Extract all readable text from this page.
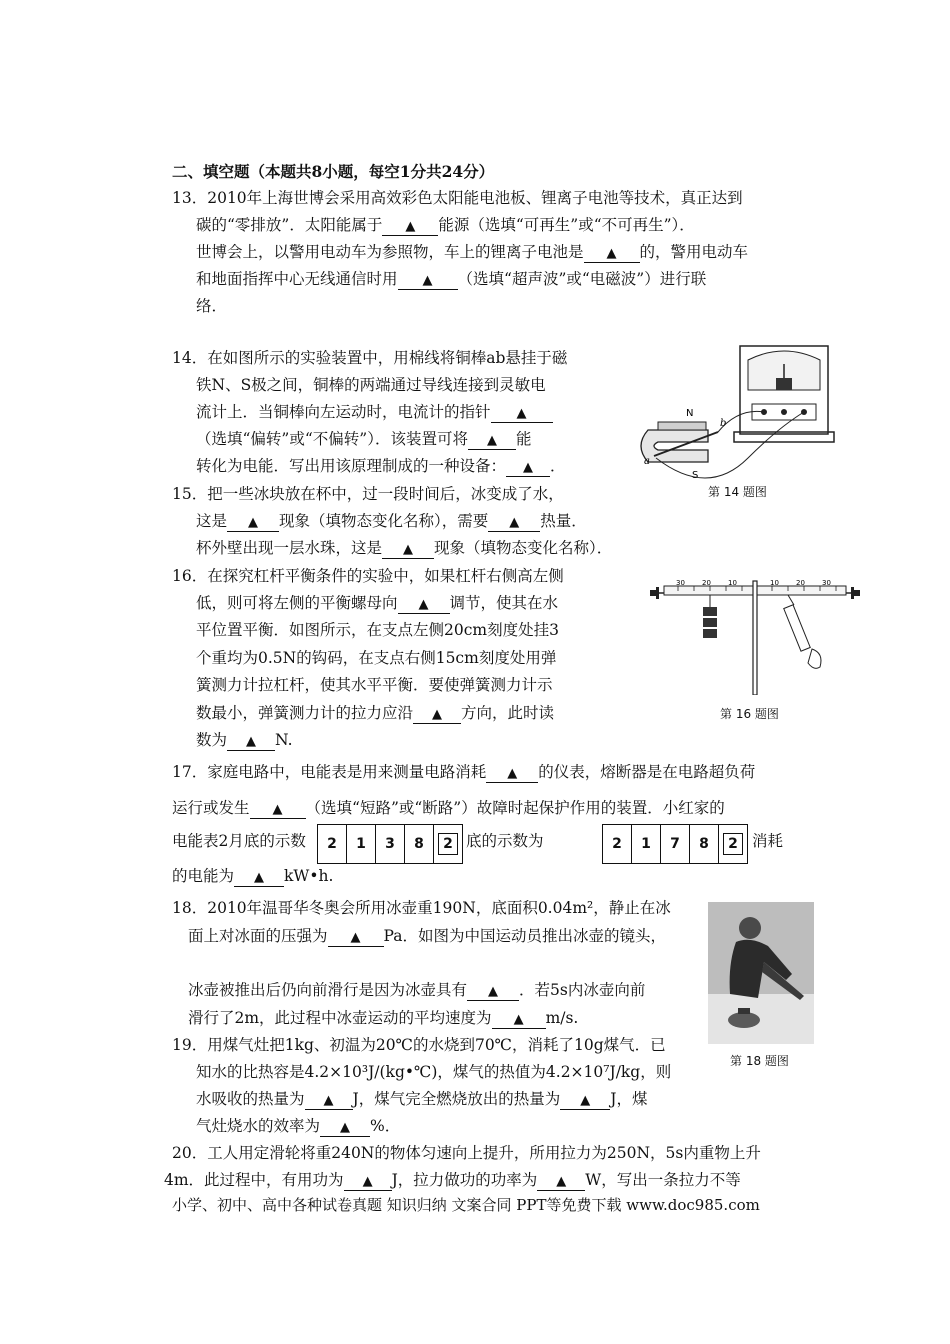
二、填空题（本题共8小题，每空1分共24分）
13．2010年上海世博会采用高效彩色太阳能电池板、锂离子电池等技术，真正达到
碳的“零排放”．太阳能属于 ▲ 能源（选填“可再生”或“不可再生”）．
世博会上，以警用电动车为参照物，车上的锂离子电池是 ▲ 的，警用电动车
和地面指挥中心无线通信时用 ▲ （选填“超声波”或“电磁波”）进行联
络．
14．在如图所示的实验装置中，用棉线将铜棒ab悬挂于磁
铁N、S极之间，铜棒的两端通过导线连接到灵敏电
流计上．当铜棒向左运动时，电流计的指针 ▲
（选填“偏转”或“不偏转”）．该装置可将 ▲ 能
转化为电能．写出用该原理制成的一种设备： ▲ ．
N
S
a
b
第 14 题图
15．把一些冰块放在杯中，过一段时间后，冰变成了水，
这是 ▲ 现象（填物态变化名称），需要 ▲ 热量．
杯外壁出现一层水珠，这是 ▲ 现象（填物态变化名称）．
16．在探究杠杆平衡条件的实验中，如果杠杆右侧高左侧
低，则可将左侧的平衡螺母向 ▲ 调节，使其在水
平位置平衡．如图所示，在支点左侧20cm刻度处挂3
个重均为0.5N的钩码，在支点右侧15cm刻度处用弹
簧测力计拉杠杆，使其水平平衡．要使弹簧测力计示
数最小，弹簧测力计的拉力应沿 ▲ 方向，此时读
数为 ▲ N.
30 20 10	10 20 30
第 16 题图
17．家庭电路中，电能表是用来测量电路消耗 ▲ 的仪表，熔断器是在电路超负荷
运行或发生 ▲ （选填“短路”或“断路”）故障时起保护作用的装置．小红家的
电能表2月底的示数	2	1	3	8	2 底的示数为	2	1	7	8	2 消耗
的电能为 ▲ kW•h.
18．2010年温哥华冬奥会所用冰壶重190N，底面积0.04m²，静止在冰
面上对冰面的压强为 ▲ Pa．如图为中国运动员推出冰壶的镜头，
冰壶被推出后仍向前滑行是因为冰壶具有 ▲ ．若5s内冰壶向前
滑行了2m，此过程中冰壶运动的平均速度为 ▲ m/s.
第 18 题图
19．用煤气灶把1kg、初温为20℃的水烧到70℃，消耗了10g煤气．已
知水的比热容是4.2×10³J/(kg•℃)，煤气的热值为4.2×10⁷J/kg，则
水吸收的热量为 ▲ J，煤气完全燃烧放出的热量为 ▲ J，煤
气灶烧水的效率为 ▲ %．
20．工人用定滑轮将重240N的物体匀速向上提升，所用拉力为250N，5s内重物上升
4m．此过程中，有用功为 ▲ J，拉力做功的功率为 ▲ W，写出一条拉力不等
小学、初中、高中各种试卷真题 知识归纳 文案合同 PPT等免费下载 www.doc985.com
